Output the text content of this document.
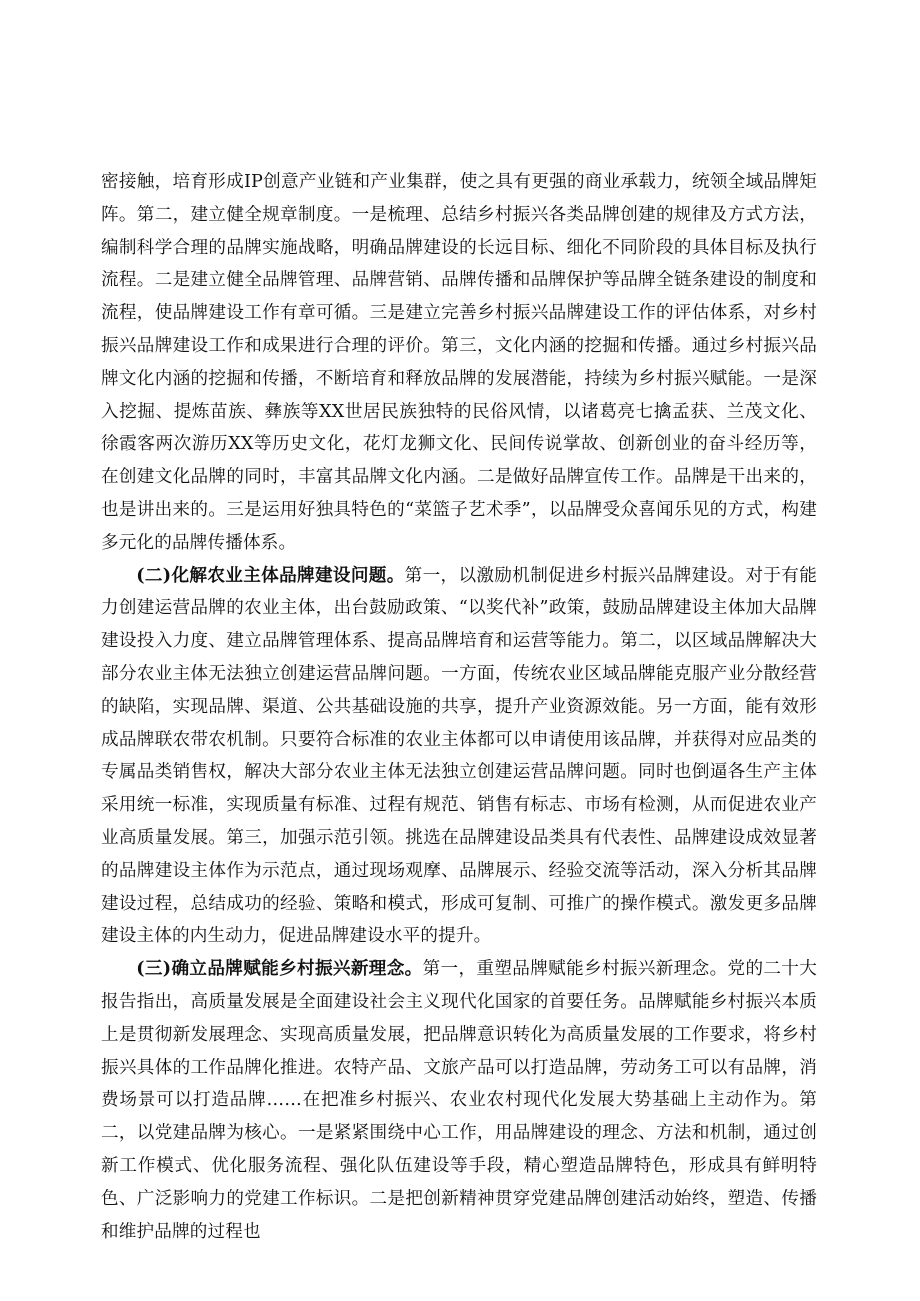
密接触，培育形成IP创意产业链和产业集群，使之具有更强的商业承载力，统领全域品牌矩阵。第二，建立健全规章制度。一是梳理、总结乡村振兴各类品牌创建的规律及方式方法，编制科学合理的品牌实施战略，明确品牌建设的长远目标、细化不同阶段的具体目标及执行流程。二是建立健全品牌管理、品牌营销、品牌传播和品牌保护等品牌全链条建设的制度和流程，使品牌建设工作有章可循。三是建立完善乡村振兴品牌建设工作的评估体系，对乡村振兴品牌建设工作和成果进行合理的评价。第三，文化内涵的挖掘和传播。通过乡村振兴品牌文化内涵的挖掘和传播，不断培育和释放品牌的发展潜能，持续为乡村振兴赋能。一是深入挖掘、提炼苗族、彝族等XX世居民族独特的民俗风情，以诸葛亮七擒孟获、兰茂文化、徐霞客两次游历XX等历史文化，花灯龙狮文化、民间传说掌故、创新创业的奋斗经历等，在创建文化品牌的同时，丰富其品牌文化内涵。二是做好品牌宣传工作。品牌是干出来的，也是讲出来的。三是运用好独具特色的“菜篮子艺术季”，以品牌受众喜闻乐见的方式，构建多元化的品牌传播体系。

(二)化解农业主体品牌建设问题。第一，以激励机制促进乡村振兴品牌建设。对于有能力创建运营品牌的农业主体，出台鼓励政策、“以奖代补”政策，鼓励品牌建设主体加大品牌建设投入力度、建立品牌管理体系、提高品牌培育和运营等能力。第二，以区域品牌解决大部分农业主体无法独立创建运营品牌问题。一方面，传统农业区域品牌能克服产业分散经营的缺陷，实现品牌、渠道、公共基础设施的共享，提升产业资源效能。另一方面，能有效形成品牌联农带农机制。只要符合标准的农业主体都可以申请使用该品牌，并获得对应品类的专属品类销售权，解决大部分农业主体无法独立创建运营品牌问题。同时也倒逼各生产主体采用统一标准，实现质量有标准、过程有规范、销售有标志、市场有检测，从而促进农业产业高质量发展。第三，加强示范引领。挑选在品牌建设品类具有代表性、品牌建设成效显著的品牌建设主体作为示范点，通过现场观摩、品牌展示、经验交流等活动，深入分析其品牌建设过程，总结成功的经验、策略和模式，形成可复制、可推广的操作模式。激发更多品牌建设主体的内生动力，促进品牌建设水平的提升。

(三)确立品牌赋能乡村振兴新理念。第一，重塑品牌赋能乡村振兴新理念。党的二十大报告指出，高质量发展是全面建设社会主义现代化国家的首要任务。品牌赋能乡村振兴本质上是贯彻新发展理念、实现高质量发展，把品牌意识转化为高质量发展的工作要求，将乡村振兴具体的工作品牌化推进。农特产品、文旅产品可以打造品牌，劳动务工可以有品牌，消费场景可以打造品牌……在把准乡村振兴、农业农村现代化发展大势基础上主动作为。第二，以党建品牌为核心。一是紧紧围绕中心工作，用品牌建设的理念、方法和机制，通过创新工作模式、优化服务流程、强化队伍建设等手段，精心塑造品牌特色，形成具有鲜明特色、广泛影响力的党建工作标识。二是把创新精神贯穿党建品牌创建活动始终，塑造、传播和维护品牌的过程也
